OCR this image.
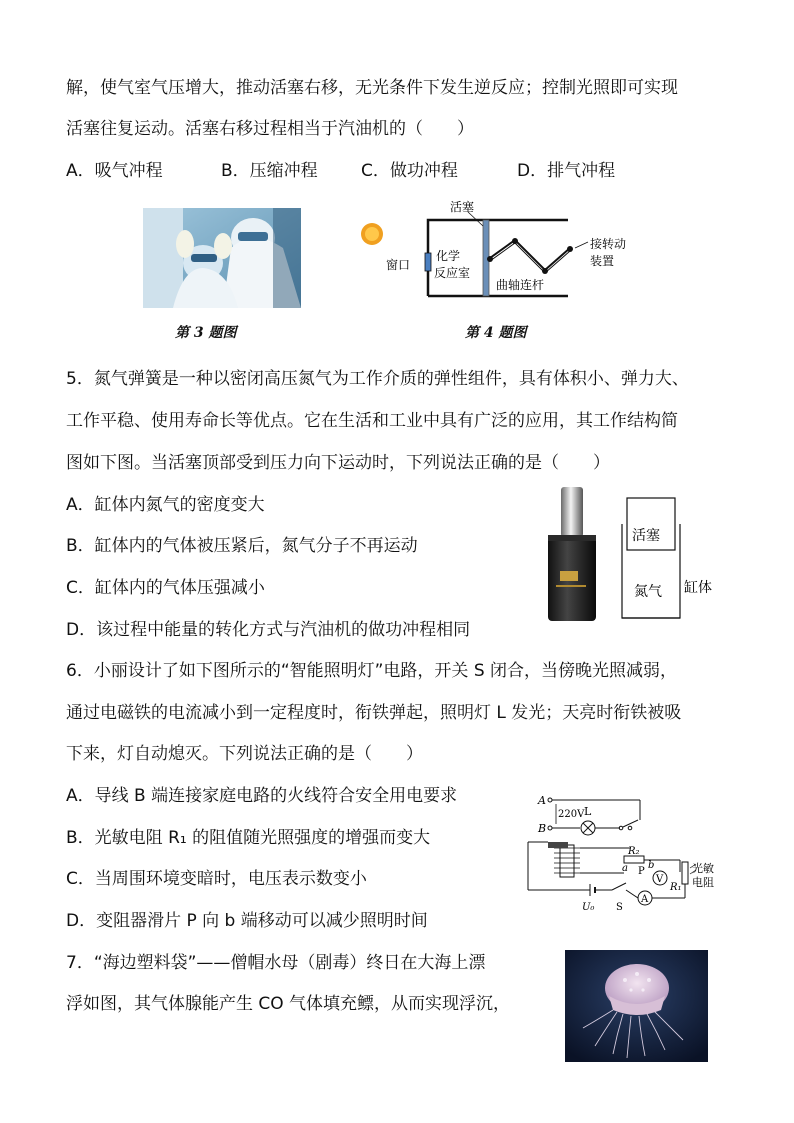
解，使气室气压增大，推动活塞右移，无光条件下发生逆反应；控制光照即可实现
活塞往复运动。活塞右移过程相当于汽油机的（　　）
A．吸气冲程	B．压缩冲程	C．做功冲程	D．排气冲程
第 3 题图
活塞
窗口
化学
反应室
曲轴连杆
接转动
装置
第 4 题图
5．氮气弹簧是一种以密闭高压氮气为工作介质的弹性组件，具有体积小、弹力大、
工作平稳、使用寿命长等优点。它在生活和工业中具有广泛的应用，其工作结构简
图如下图。当活塞顶部受到压力向下运动时，下列说法正确的是（　　）
A．缸体内氮气的密度变大
B．缸体内的气体被压紧后，氮气分子不再运动
C．缸体内的气体压强减小
D．该过程中能量的转化方式与汽油机的做功冲程相同
活塞
氮气 缸体
6．小丽设计了如下图所示的“智能照明灯”电路，开关 S 闭合，当傍晚光照减弱，
通过电磁铁的电流减小到一定程度时，衔铁弹起，照明灯 L 发光；天亮时衔铁被吸
下来，灯自动熄灭。下列说法正确的是（　　）
A．导线 B 端连接家庭电路的火线符合安全用电要求
B．光敏电阻 R₁ 的阻值随光照强度的增强而变大
C．当周围环境变暗时，电压表示数变小
D．变阻器滑片 P 向 b 端移动可以减少照明时间
A
B
220V L
R₂
a P
b
V
R₁
光敏
电阻
A
U₀ S
7．“海边塑料袋”——僧帽水母（剧毒）终日在大海上漂
浮如图，其气体腺能产生 CO 气体填充鳔，从而实现浮沉，
